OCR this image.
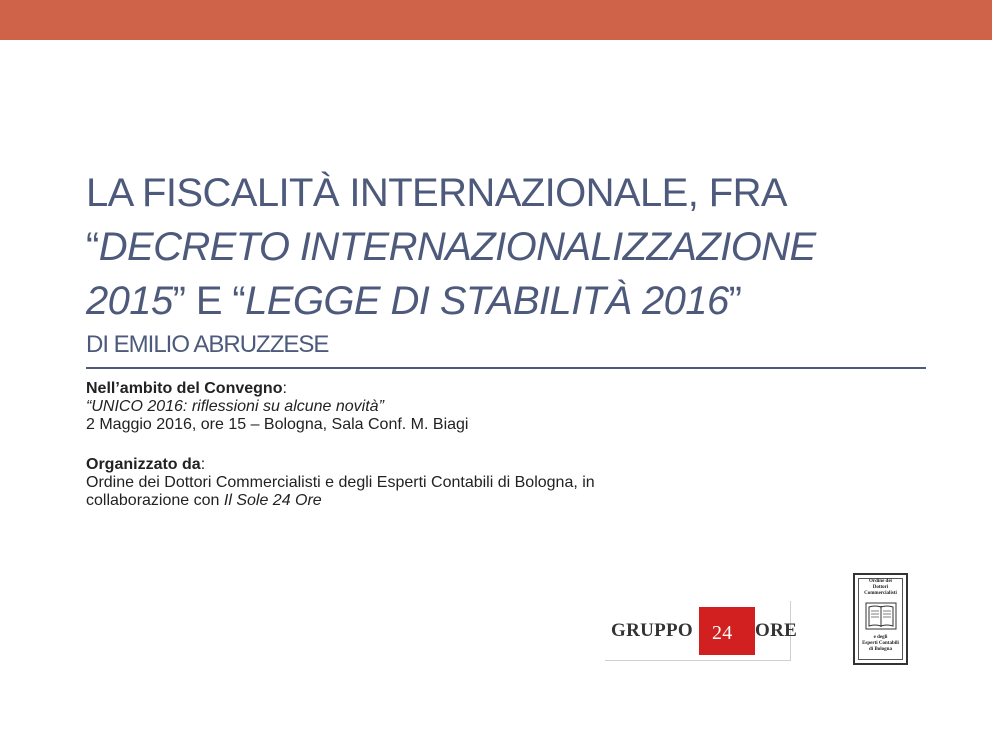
LA FISCALITÀ INTERNAZIONALE, FRA
“DECRETO INTERNAZIONALIZZAZIONE
2015” E “LEGGE DI STABILITÀ 2016”
DI EMILIO ABRUZZESE
Nell’ambito del Convegno:
“UNICO 2016: riflessioni su alcune novità”
2 Maggio 2016, ore 15 – Bologna, Sala Conf. M. Biagi
Organizzato da:
Ordine dei Dottori Commercialisti e degli Esperti Contabili di Bologna, in
collaborazione con Il Sole 24 Ore
GRUPPO 24 ORE
Ordine dei
Dottori
Commercialisti
e degli
Esperti Contabili
di Bologna
